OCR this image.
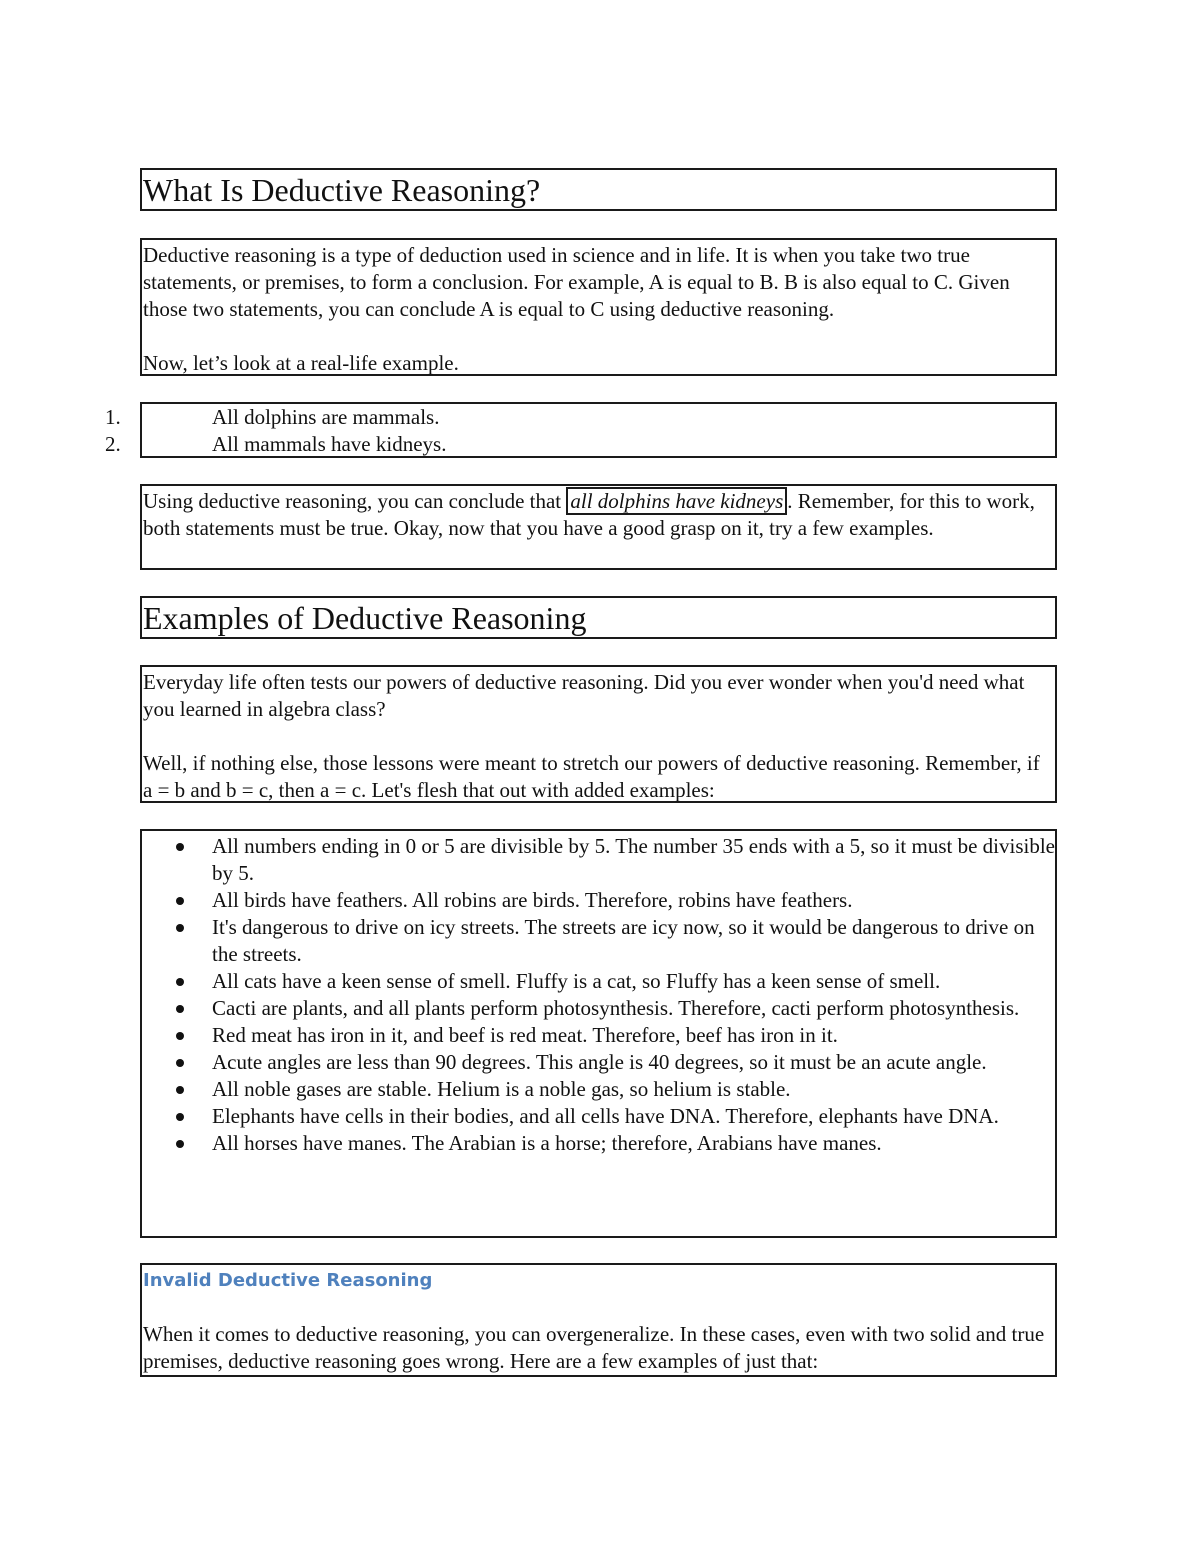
What Is Deductive Reasoning?

Deductive reasoning is a type of deduction used in science and in life. It is when you take two true statements, or premises, to form a conclusion. For example, A is equal to B. B is also equal to C. Given those two statements, you can conclude A is equal to C using deductive reasoning.

Now, let’s look at a real-life example.

1.	All dolphins are mammals.
2.	All mammals have kidneys.

Using deductive reasoning, you can conclude that all dolphins have kidneys . Remember, for this to work, both statements must be true. Okay, now that you have a good grasp on it, try a few examples.

Examples of Deductive Reasoning

Everyday life often tests our powers of deductive reasoning. Did you ever wonder when you'd need what you learned in algebra class?

Well, if nothing else, those lessons were meant to stretch our powers of deductive reasoning. Remember, if a = b and b = c, then a = c. Let's flesh that out with added examples:

All numbers ending in 0 or 5 are divisible by 5. The number 35 ends with a 5, so it must be divisible by 5.
All birds have feathers. All robins are birds. Therefore, robins have feathers.
It's dangerous to drive on icy streets. The streets are icy now, so it would be dangerous to drive on the streets.
All cats have a keen sense of smell. Fluffy is a cat, so Fluffy has a keen sense of smell.
Cacti are plants, and all plants perform photosynthesis. Therefore, cacti perform photosynthesis.
Red meat has iron in it, and beef is red meat. Therefore, beef has iron in it.
Acute angles are less than 90 degrees. This angle is 40 degrees, so it must be an acute angle.
All noble gases are stable. Helium is a noble gas, so helium is stable.
Elephants have cells in their bodies, and all cells have DNA. Therefore, elephants have DNA.
All horses have manes. The Arabian is a horse; therefore, Arabians have manes.
Invalid Deductive Reasoning

When it comes to deductive reasoning, you can overgeneralize. In these cases, even with two solid and true premises, deductive reasoning goes wrong. Here are a few examples of just that:
